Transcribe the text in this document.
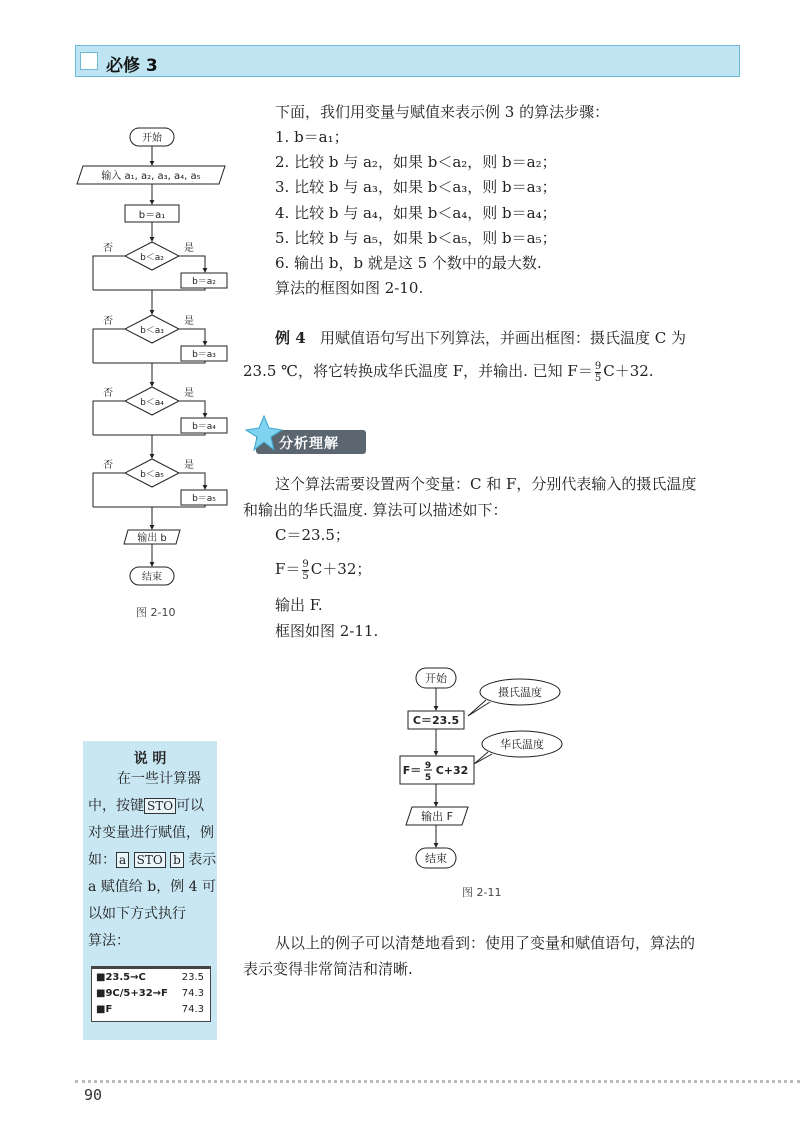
必修 3
下面，我们用变量与赋值来表示例 3 的算法步骤：
1. b＝a₁；
2. 比较 b 与 a₂，如果 b＜a₂，则 b＝a₂；
3. 比较 b 与 a₃，如果 b＜a₃，则 b＝a₃；
4. 比较 b 与 a₄，如果 b＜a₄，则 b＝a₄；
5. 比较 b 与 a₅，如果 b＜a₅，则 b＝a₅；
6. 输出 b，b 就是这 5 个数中的最大数.
算法的框图如图 2-10.
例 4 用赋值语句写出下列算法，并画出框图：摄氏温度 C 为
23.5 ℃，将它转换成华氏温度 F，并输出. 已知 $F= \frac{9}{5} C+32$.
分析理解
这个算法需要设置两个变量：C 和 F，分别代表输入的摄氏温度
和输出的华氏温度. 算法可以描述如下：
C＝23.5；
$F= \frac{9}{5} C+32$；
输出 F.
框图如图 2-11.
开始
输入 a₁, a₂, a₃, a₄, a₅
b＝a₁
b＜a₂
b＝a₂
b＜a₃
b＝a₃
b＜a₄
b＝a₄
b＜a₅
b＝a₅
输出 b
结束
否	是
否	是
否	是
否	是
图 2-10
开始
C＝23.5
F＝ 9
5
C+32
输出 F
结束
摄氏温度
华氏温度
图 2-11
说 明
在一些计算器
中，按键 STO 可以
对变量进行赋值，例
如： a STO b 表示
a 赋值给 b，例 4 可
以如下方式执行
算法：
■23.5→C	23.5
■9C/5+32→F 74.3
■F	74.3
从以上的例子可以清楚地看到：使用了变量和赋值语句，算法的
表示变得非常简洁和清晰.
90
